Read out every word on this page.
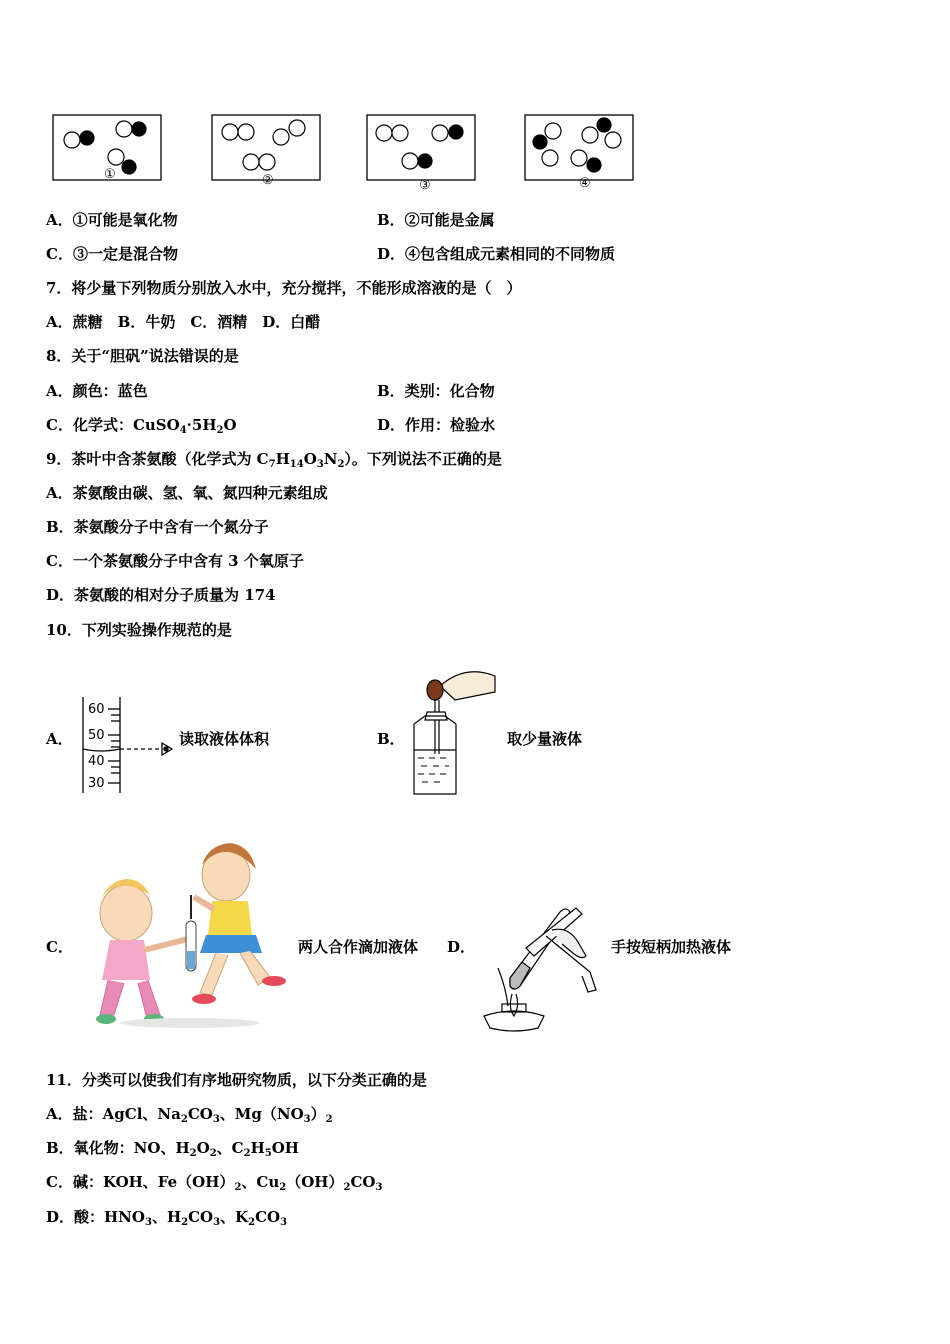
①	②	③	④
A．①可能是氧化物	B．②可能是金属
C．③一定是混合物	D．④包含组成元素相同的不同物质
7．将少量下列物质分别放入水中，充分搅拌，不能形成溶液的是（　）
A．蔗糖　B．牛奶　C．酒精　D．白醋
8．关于“胆矾”说法错误的是
A．颜色：蓝色	B．类别：化合物
C．化学式：$CuSO_4\cdot 5H_2O$	D．作用：检验水
9．茶叶中含茶氨酸（化学式为 $C_7H_{14}O_3N_2$）。下列说法不正确的是
A．茶氨酸由碳、氢、氧、氮四种元素组成
B．茶氨酸分子中含有一个氮分子
C．一个茶氨酸分子中含有 3 个氧原子
D．茶氨酸的相对分子质量为 174
10．下列实验操作规范的是
A．
60
50
40
30
读取液体体积	B．	取少量液体
C．	两人合作滴加液体 D．	手按短柄加热液体
11．分类可以使我们有序地研究物质，以下分类正确的是
A．盐：AgCl、$Na_2CO_3$、$Mg(NO_3)_2$
B．氧化物：NO、$H_2O_2$、$C_2H_5OH$
C．碱：KOH、$Fe(OH)_2$、$Cu_2(OH)_2CO_3$
D．酸：$HNO_3$、$H_2CO_3$、$K_2CO_3$
